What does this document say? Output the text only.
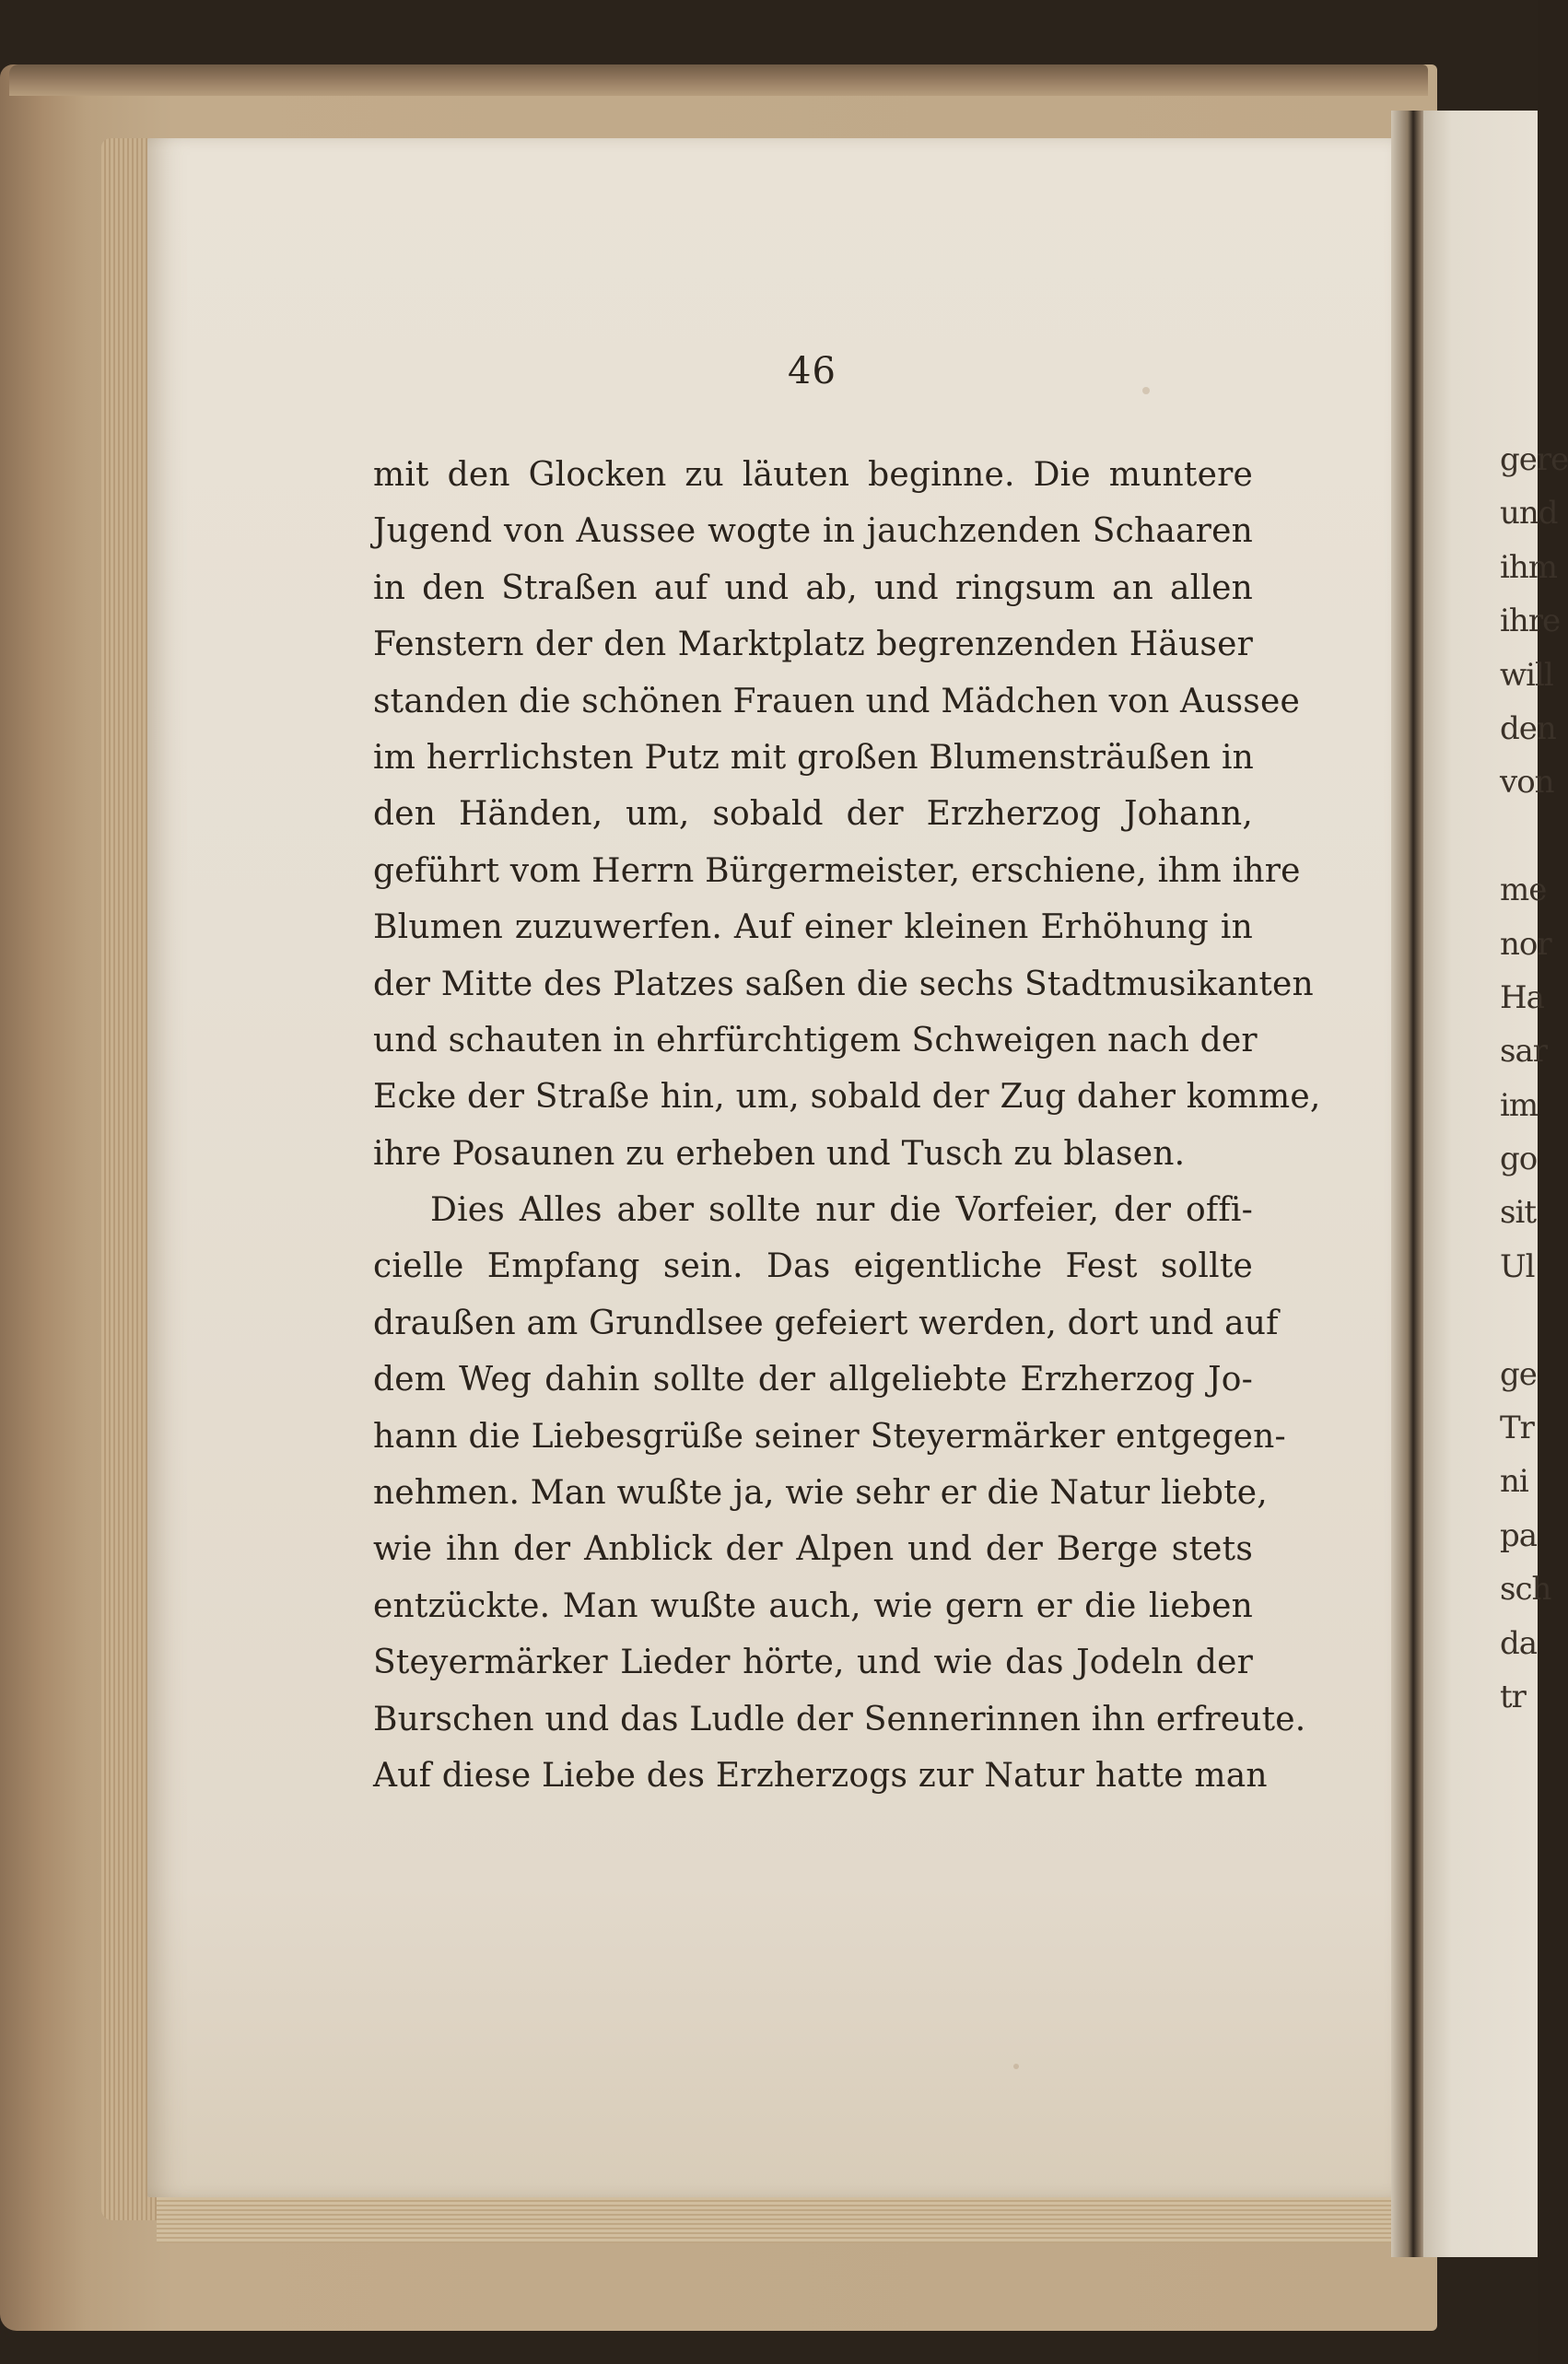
46
mit den Glocken zu läuten beginne. Die muntere
Jugend von Aussee wogte in jauchzenden Schaaren
in den Straßen auf und ab, und ringsum an allen
Fenstern der den Marktplatz begrenzenden Häuser
standen die schönen Frauen und Mädchen von Aussee
im herrlichsten Putz mit großen Blumensträußen in
den Händen, um, sobald der Erzherzog Johann,
geführt vom Herrn Bürgermeister, erschiene, ihm ihre
Blumen zuzuwerfen. Auf einer kleinen Erhöhung in
der Mitte des Platzes saßen die sechs Stadtmusikanten
und schauten in ehrfürchtigem Schweigen nach der
Ecke der Straße hin, um, sobald der Zug daher komme,
ihre Posaunen zu erheben und Tusch zu blasen.
Dies Alles aber sollte nur die Vorfeier, der offi-
cielle Empfang sein. Das eigentliche Fest sollte
draußen am Grundlsee gefeiert werden, dort und auf
dem Weg dahin sollte der allgeliebte Erzherzog Jo-
hann die Liebesgrüße seiner Steyermärker entgegen-
nehmen. Man wußte ja, wie sehr er die Natur liebte,
wie ihn der Anblick der Alpen und der Berge stets
entzückte. Man wußte auch, wie gern er die lieben
Steyermärker Lieder hörte, und wie das Jodeln der
Burschen und das Ludle der Sennerinnen ihn erfreute.
Auf diese Liebe des Erzherzogs zur Natur hatte man
gere
und
ihm
ihre
will
den
von
me
nor
Ha
sar
im
go
sit
Ul
ge
Tr
ni
pa
sch
da
tr
